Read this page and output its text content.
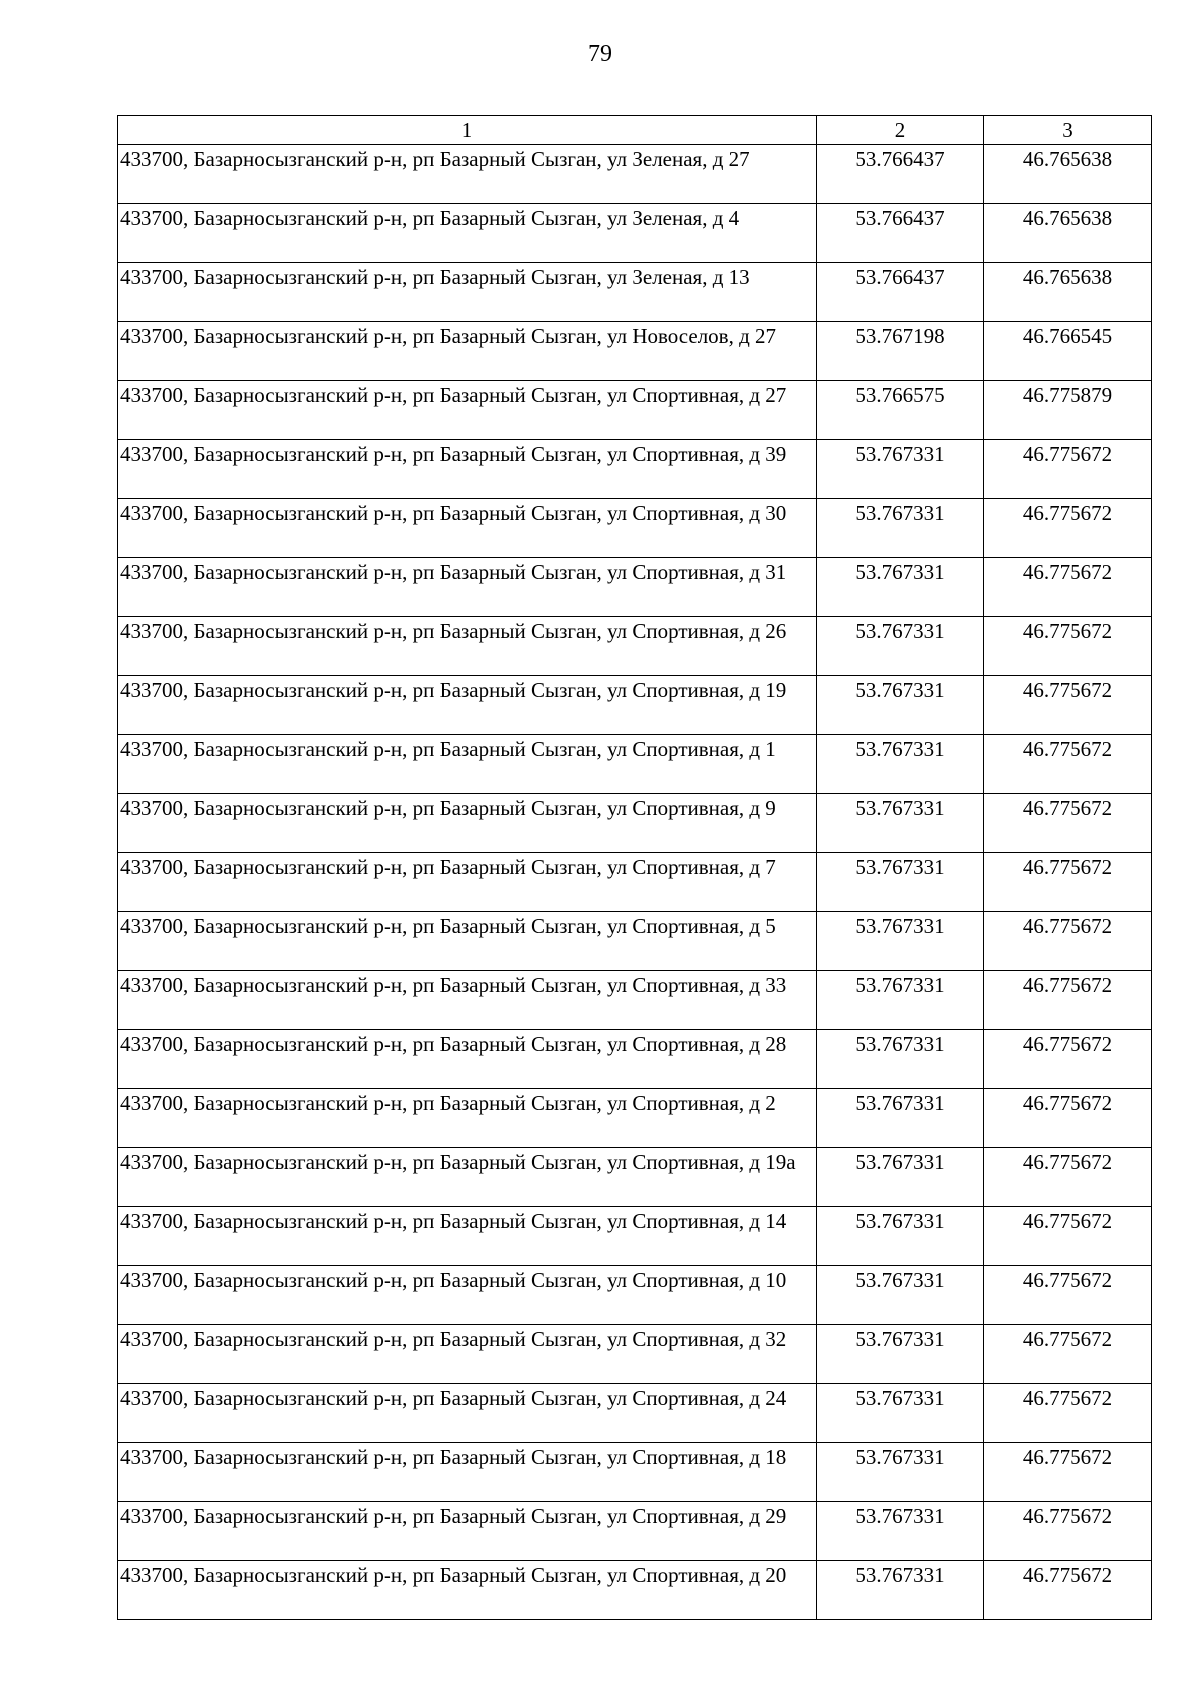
79
1	2	3
433700, Базарносызганский р-н, рп Базарный Сызган, ул Зеленая, д 27	53.766437	46.765638
433700, Базарносызганский р-н, рп Базарный Сызган, ул Зеленая, д 4	53.766437	46.765638
433700, Базарносызганский р-н, рп Базарный Сызган, ул Зеленая, д 13	53.766437	46.765638
433700, Базарносызганский р-н, рп Базарный Сызган, ул Новоселов, д 27	53.767198	46.766545
433700, Базарносызганский р-н, рп Базарный Сызган, ул Спортивная, д 27	53.766575	46.775879
433700, Базарносызганский р-н, рп Базарный Сызган, ул Спортивная, д 39	53.767331	46.775672
433700, Базарносызганский р-н, рп Базарный Сызган, ул Спортивная, д 30	53.767331	46.775672
433700, Базарносызганский р-н, рп Базарный Сызган, ул Спортивная, д 31	53.767331	46.775672
433700, Базарносызганский р-н, рп Базарный Сызган, ул Спортивная, д 26	53.767331	46.775672
433700, Базарносызганский р-н, рп Базарный Сызган, ул Спортивная, д 19	53.767331	46.775672
433700, Базарносызганский р-н, рп Базарный Сызган, ул Спортивная, д 1	53.767331	46.775672
433700, Базарносызганский р-н, рп Базарный Сызган, ул Спортивная, д 9	53.767331	46.775672
433700, Базарносызганский р-н, рп Базарный Сызган, ул Спортивная, д 7	53.767331	46.775672
433700, Базарносызганский р-н, рп Базарный Сызган, ул Спортивная, д 5	53.767331	46.775672
433700, Базарносызганский р-н, рп Базарный Сызган, ул Спортивная, д 33	53.767331	46.775672
433700, Базарносызганский р-н, рп Базарный Сызган, ул Спортивная, д 28	53.767331	46.775672
433700, Базарносызганский р-н, рп Базарный Сызган, ул Спортивная, д 2	53.767331	46.775672
433700, Базарносызганский р-н, рп Базарный Сызган, ул Спортивная, д 19а	53.767331	46.775672
433700, Базарносызганский р-н, рп Базарный Сызган, ул Спортивная, д 14	53.767331	46.775672
433700, Базарносызганский р-н, рп Базарный Сызган, ул Спортивная, д 10	53.767331	46.775672
433700, Базарносызганский р-н, рп Базарный Сызган, ул Спортивная, д 32	53.767331	46.775672
433700, Базарносызганский р-н, рп Базарный Сызган, ул Спортивная, д 24	53.767331	46.775672
433700, Базарносызганский р-н, рп Базарный Сызган, ул Спортивная, д 18	53.767331	46.775672
433700, Базарносызганский р-н, рп Базарный Сызган, ул Спортивная, д 29	53.767331	46.775672
433700, Базарносызганский р-н, рп Базарный Сызган, ул Спортивная, д 20	53.767331	46.775672
